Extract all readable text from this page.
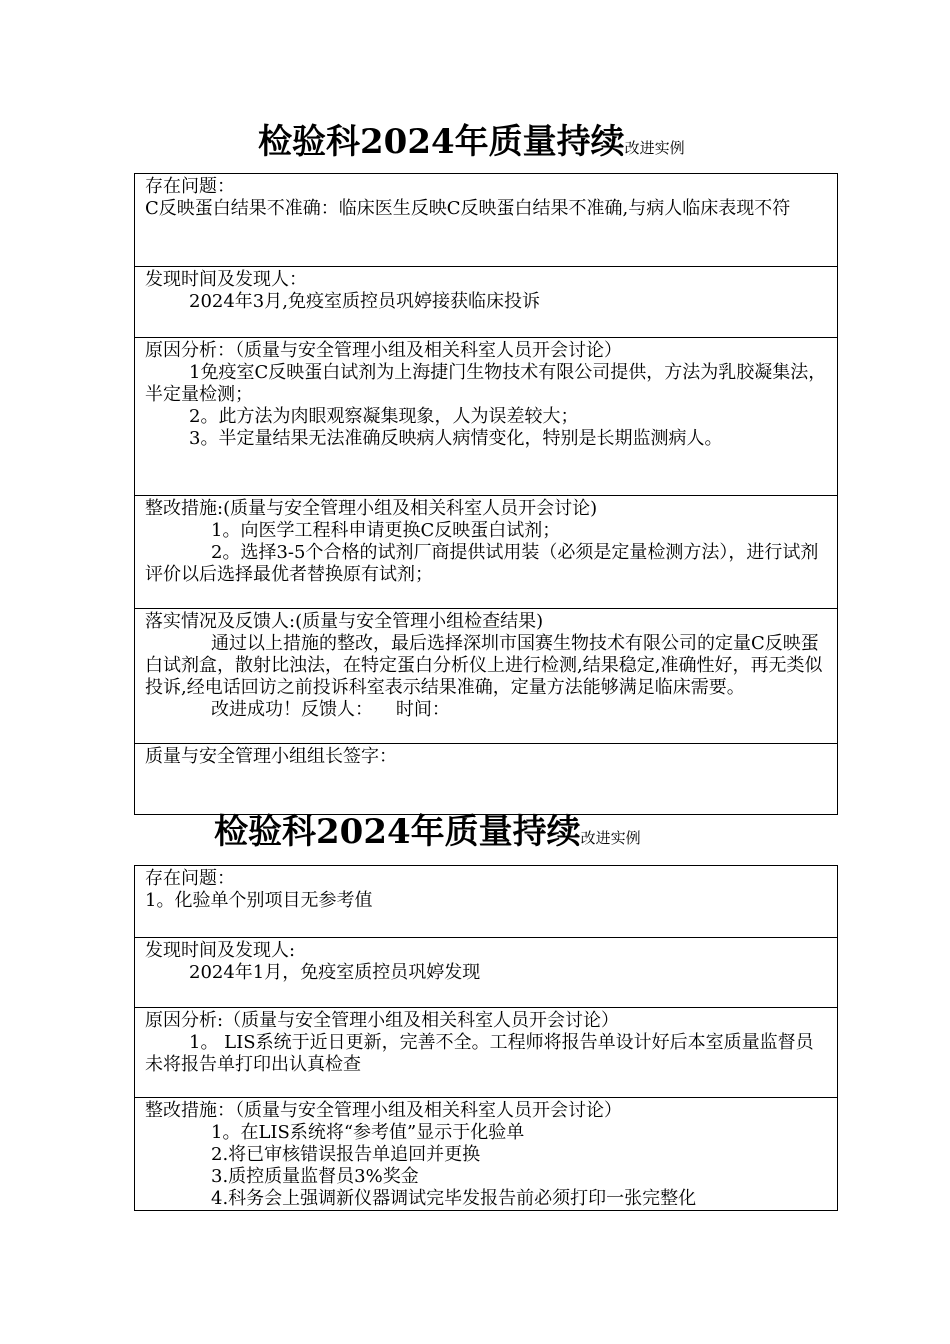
检验科2024年质量持续改进实例
存在问题：
C反映蛋白结果不准确：临床医生反映C反映蛋白结果不准确,与病人临床表现不符
发现时间及发现人：
2024年3月,免疫室质控员巩婷接获临床投诉
原因分析：（质量与安全管理小组及相关科室人员开会讨论）
1免疫室C反映蛋白试剂为上海捷门生物技术有限公司提供，方法为乳胶凝集法，半定量检测；
2。此方法为肉眼观察凝集现象，人为误差较大；
3。半定量结果无法准确反映病人病情变化，特别是长期监测病人。
整改措施:(质量与安全管理小组及相关科室人员开会讨论)
1。向医学工程科申请更换C反映蛋白试剂；
2。选择3-5个合格的试剂厂商提供试用装（必须是定量检测方法），进行试剂评价以后选择最优者替换原有试剂；
落实情况及反馈人:(质量与安全管理小组检查结果)
通过以上措施的整改，最后选择深圳市国赛生物技术有限公司的定量C反映蛋白试剂盒，散射比浊法，在特定蛋白分析仪上进行检测,结果稳定,准确性好，再无类似投诉,经电话回访之前投诉科室表示结果准确，定量方法能够满足临床需要。
改进成功！反馈人：    时间：
质量与安全管理小组组长签字：
检验科2024年质量持续改进实例
存在问题：
1。化验单个别项目无参考值
发现时间及发现人:
2024年1月，免疫室质控员巩婷发现
原因分析:（质量与安全管理小组及相关科室人员开会讨论）
1。 LIS系统于近日更新，完善不全。工程师将报告单设计好后本室质量监督员未将报告单打印出认真检查
整改措施：（质量与安全管理小组及相关科室人员开会讨论）
1。在LIS系统将“参考值”显示于化验单
2.将已审核错误报告单追回并更换
3.质控质量监督员3%奖金
4.科务会上强调新仪器调试完毕发报告前必须打印一张完整化
